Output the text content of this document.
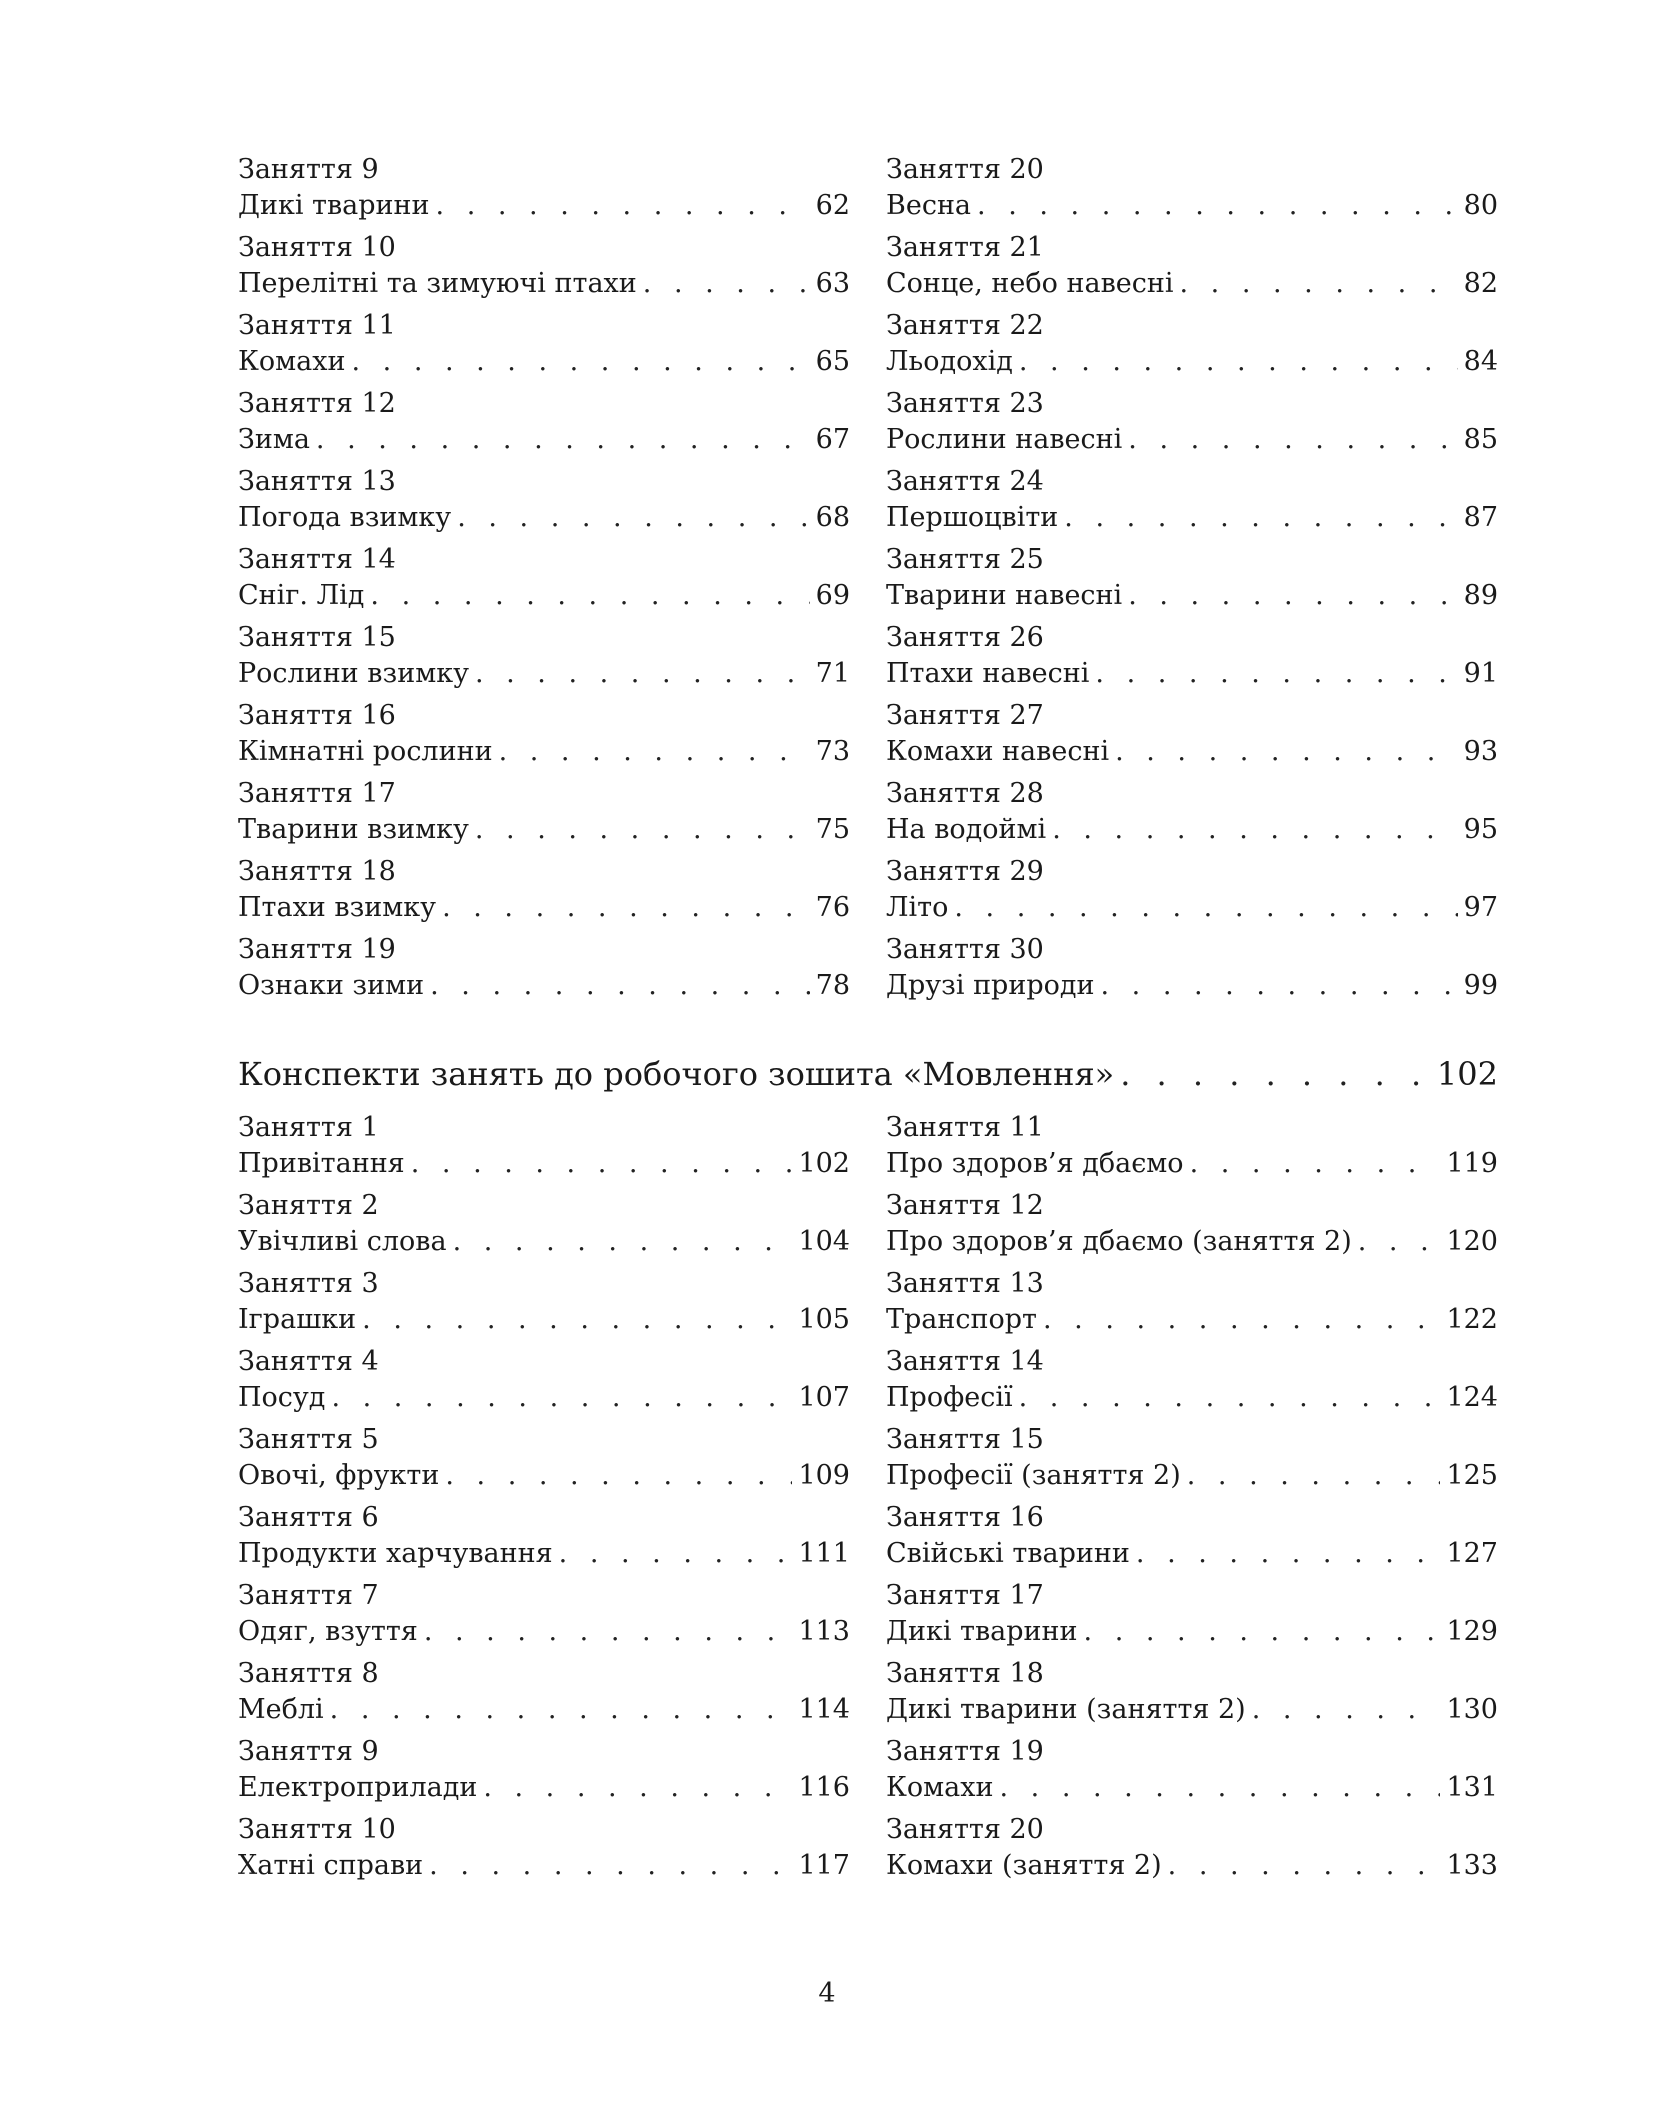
Заняття 9
Дикі тварини . . .	62
Заняття 10
Перелітні та зимуючі птахи . . .	63
Заняття 11
Комахи . . .	65
Заняття 12
Зима . . .	67
Заняття 13
Погода взимку . . .	68
Заняття 14
Сніг. Лід . . .	69
Заняття 15
Рослини взимку . . .	71
Заняття 16
Кімнатні рослини . . .	73
Заняття 17
Тварини взимку . . .	75
Заняття 18
Птахи взимку . . .	76
Заняття 19
Ознаки зими . . .	78
Заняття 20
Весна . . .	80
Заняття 21
Сонце, небо навесні . . .	82
Заняття 22
Льодохід . . .	84
Заняття 23
Рослини навесні . . .	85
Заняття 24
Першоцвіти . . .	87
Заняття 25
Тварини навесні . . .	89
Заняття 26
Птахи навесні . . .	91
Заняття 27
Комахи навесні . . .	93
Заняття 28
На водоймі . . .	95
Заняття 29
Літо . . .	97
Заняття 30
Друзі природи . . .	99
Конспекти занять до робочого зошита «Мовлення» . . .	102
Заняття 1
Привітання . . .	102
Заняття 2
Увічливі слова . . .	104
Заняття 3
Іграшки . . .	105
Заняття 4
Посуд . . .	107
Заняття 5
Овочі, фрукти . . .	109
Заняття 6
Продукти харчування . . .	111
Заняття 7
Одяг, взуття . . .	113
Заняття 8
Меблі . . .	114
Заняття 9
Електроприлади . . .	116
Заняття 10
Хатні справи . . .	117
Заняття 11
Про здоров’я дбаємо . . .	119
Заняття 12
Про здоров’я дбаємо (заняття 2) . . .	120
Заняття 13
Транспорт . . .	122
Заняття 14
Професії . . .	124
Заняття 15
Професії (заняття 2) . . .	125
Заняття 16
Свійські тварини . . .	127
Заняття 17
Дикі тварини . . .	129
Заняття 18
Дикі тварини (заняття 2) . . .	130
Заняття 19
Комахи . . .	131
Заняття 20
Комахи (заняття 2) . . .	133
4
